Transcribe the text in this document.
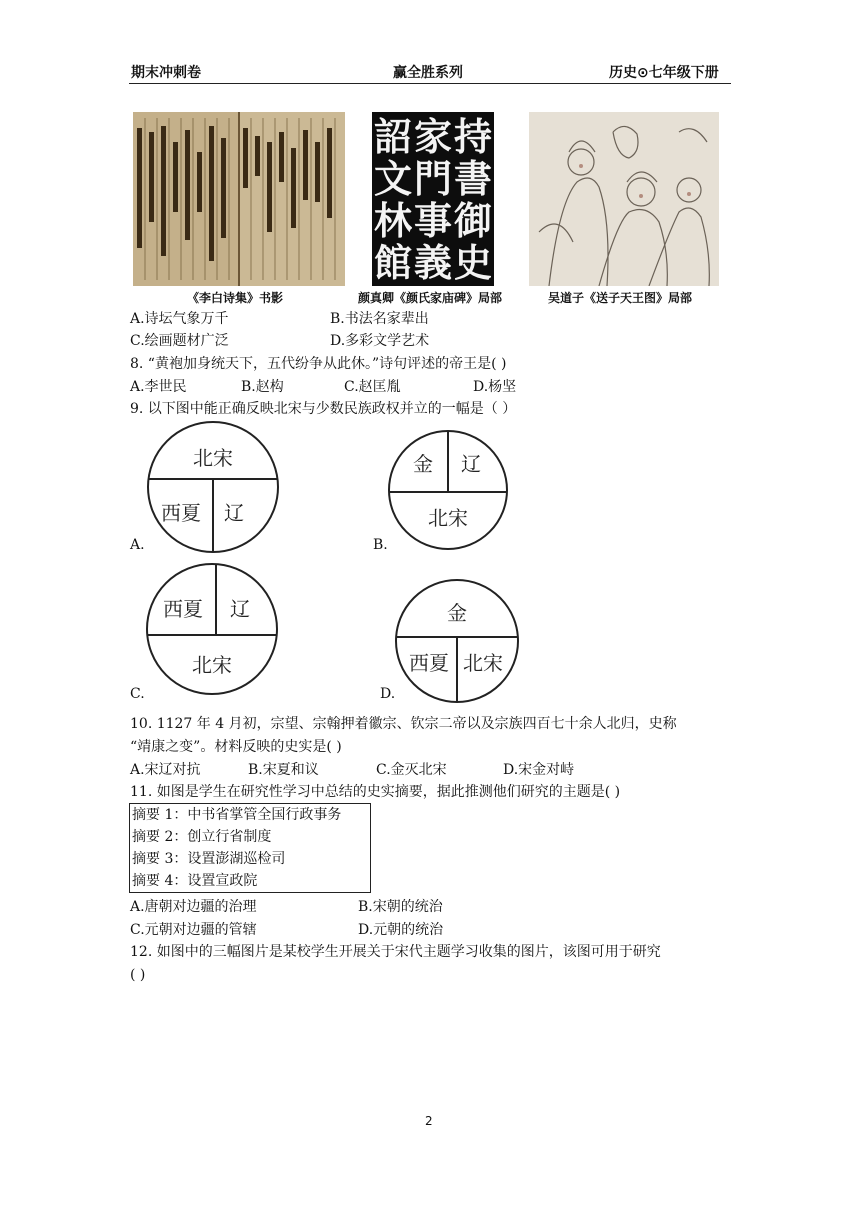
期末冲刺卷	赢全胜系列	历史⊙七年级下册
持
家
詔
書
門
文
御
事
林
史
義
館
《李白诗集》书影	颜真卿《颜氏家庙碑》局部	吴道子《送子天王图》局部
A.诗坛气象万千	B.书法名家辈出
C.绘画题材广泛	D.多彩文学艺术
8. “黄袍加身统天下，五代纷争从此休。”诗句评述的帝王是( )
A.李世民	B.赵构	C.赵匡胤	D.杨坚
9. 以下图中能正确反映北宋与少数民族政权并立的一幅是（ ）
北宋
西夏 辽
A.
金 辽
北宋
B.
西夏 辽
北宋
C.
金
西夏 北宋
D.
10. 1127 年 4 月初，宗望、宗翰押着徽宗、钦宗二帝以及宗族四百七十余人北归，史称
“靖康之变”。材料反映的史实是( )
A.宋辽对抗	B.宋夏和议	C.金灭北宋	D.宋金对峙
11. 如图是学生在研究性学习中总结的史实摘要，据此推测他们研究的主题是( )
摘要 1：中书省掌管全国行政事务
摘要 2：创立行省制度
摘要 3：设置澎湖巡检司
摘要 4：设置宣政院
A.唐朝对边疆的治理	B.宋朝的统治
C.元朝对边疆的管辖	D.元朝的统治
12. 如图中的三幅图片是某校学生开展关于宋代主题学习收集的图片，该图可用于研究
( )
2
